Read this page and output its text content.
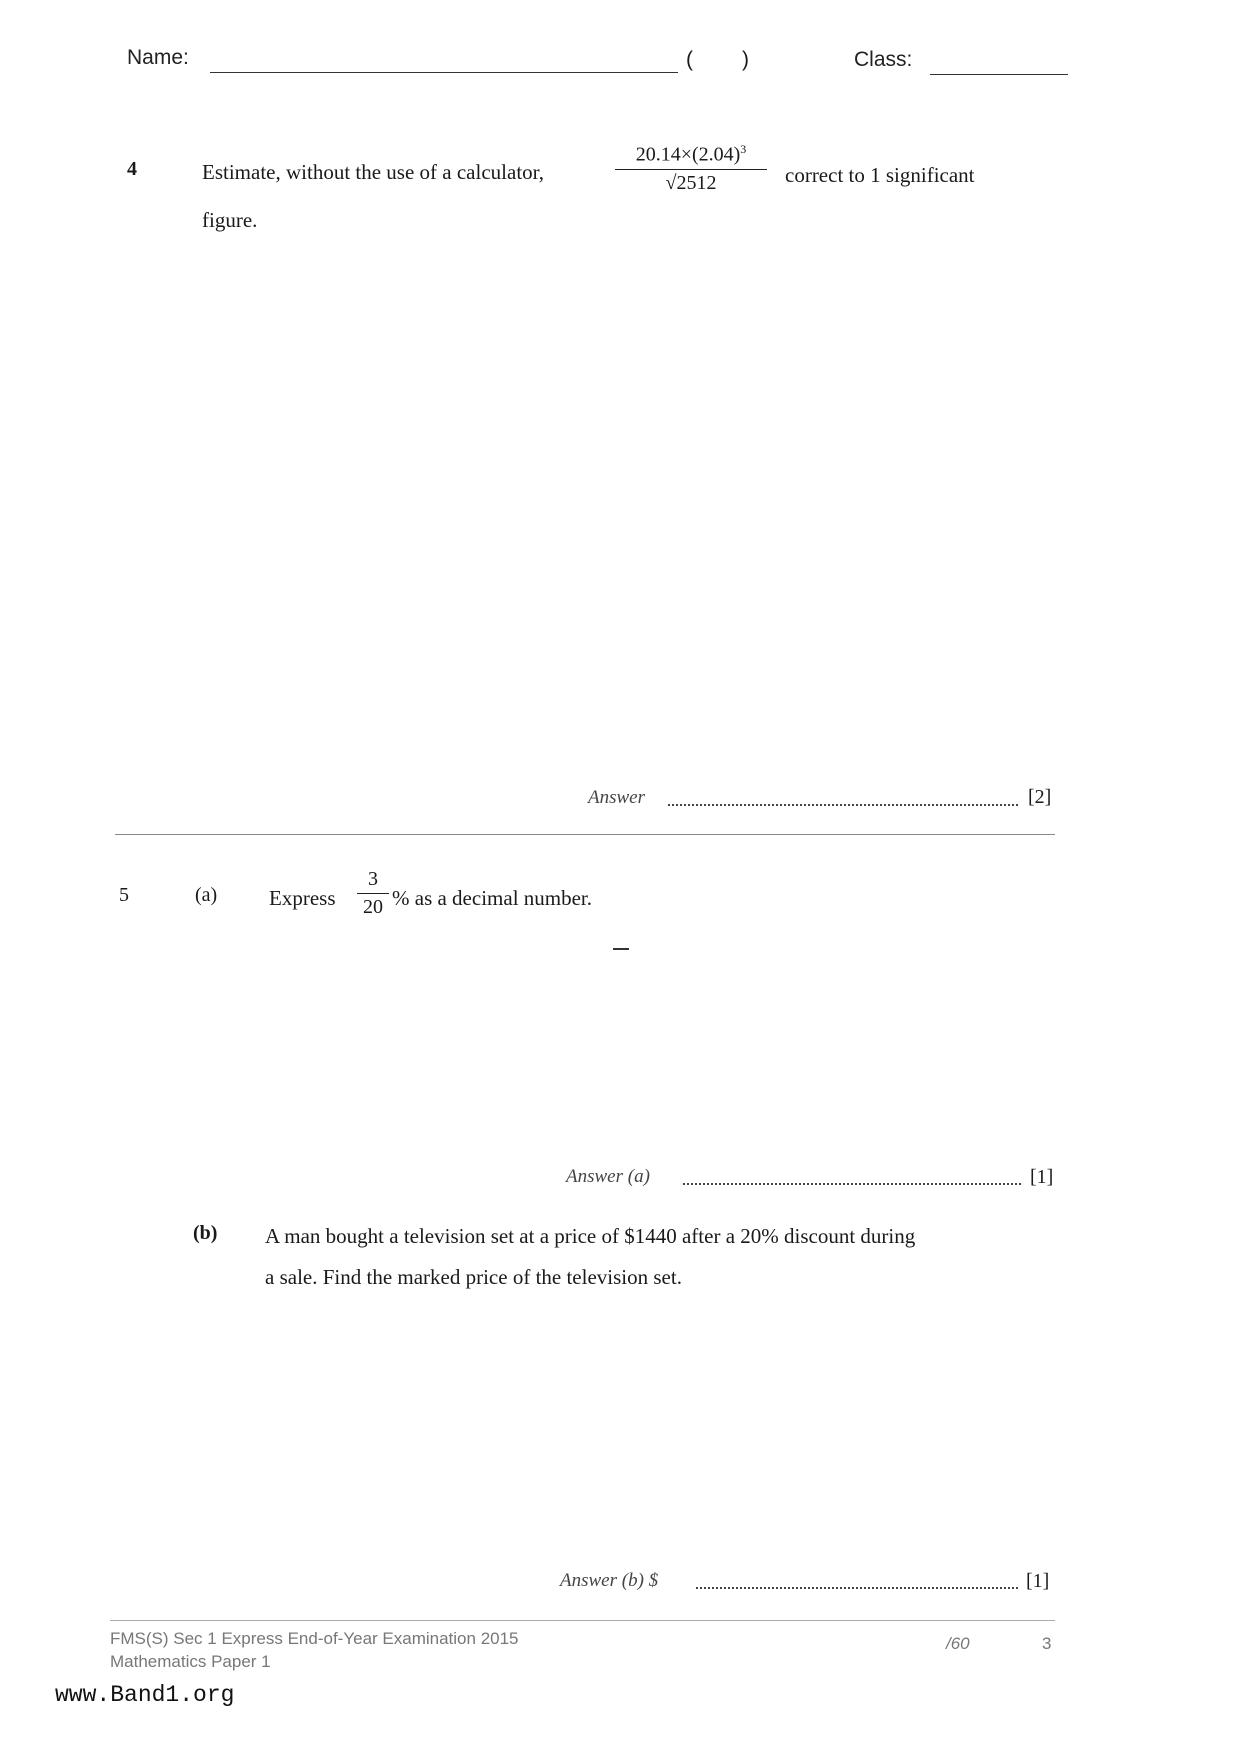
Name:	( )	Class:
4	Estimate, without the use of a calculator,
$20.14\times(2.04)^3$
√2512	correct to 1 significant
figure.
Answer	[2]
5	(a) Express
3
20 % as a decimal number.
Answer (a)	[1]
(b) A man bought a television set at a price of $1440 after a 20% discount during
a sale. Find the marked price of the television set.
Answer (b) $	[1]
FMS(S) Sec 1 Express End-of-Year Examination 2015
Mathematics Paper 1
/60	3
www.Band1.org
